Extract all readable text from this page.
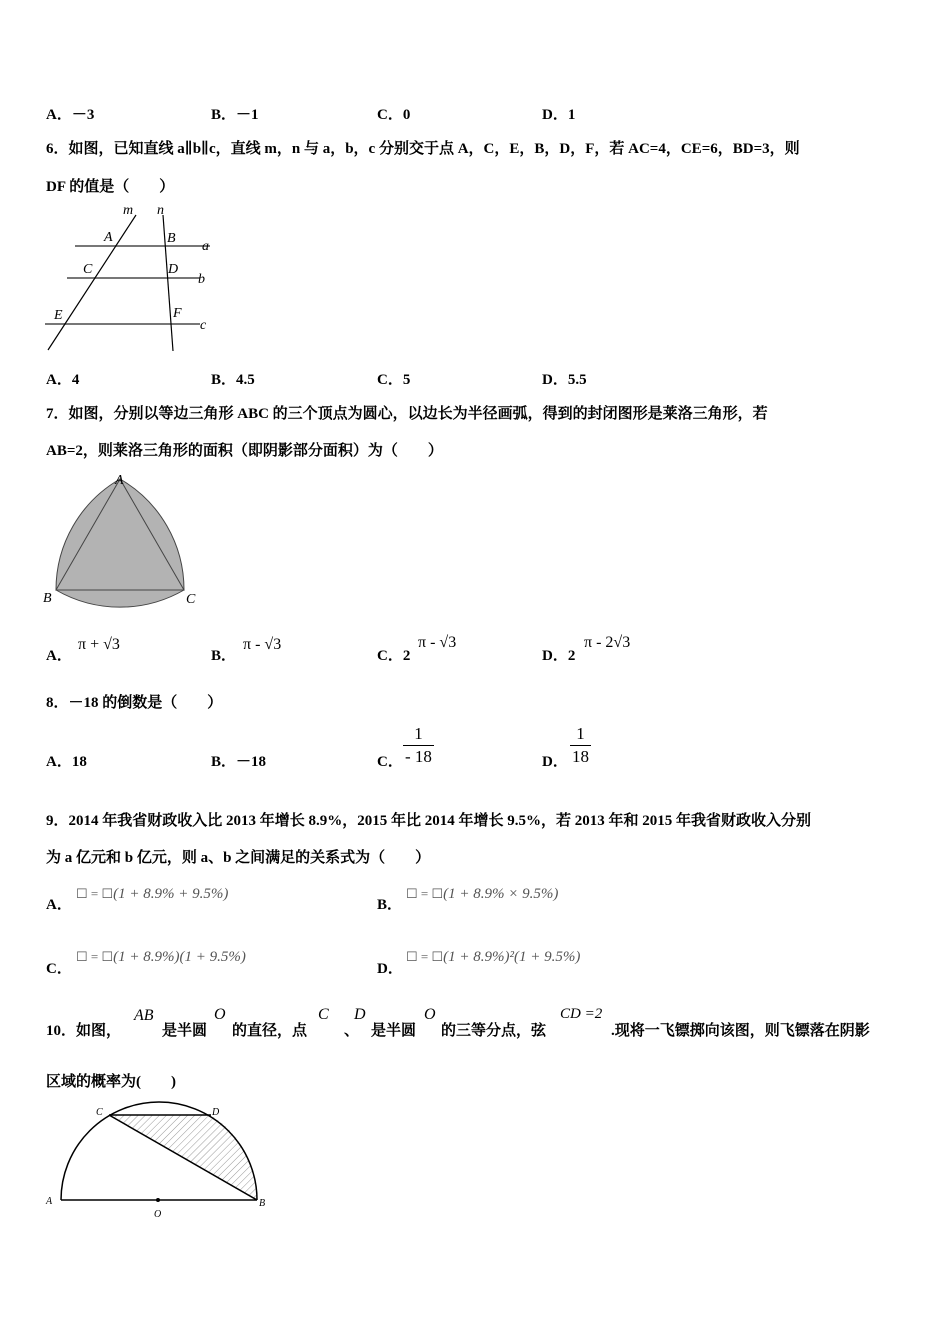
A．－3	B．－1	C．0	D．1
6．如图，已知直线 a∥b∥c，直线 m，n 与 a，b，c 分别交于点 A，C，E，B，D，F，若 AC=4，CE=6，BD=3，则
DF 的值是（　　）
m n
A	B
C	D
E	F
a
b
c
A．4	B．4.5	C．5	D．5.5
7．如图，分别以等边三角形 ABC 的三个顶点为圆心，以边长为半径画弧，得到的封闭图形是莱洛三角形，若
AB=2，则莱洛三角形的面积（即阴影部分面积）为（　　）
A
B	C
A．
π + √3
B．
π - √3
C．2
π - √3
D．2
π - 2√3
8．－18 的倒数是（　　）
A．18	B．－18	C．
1
- 18	D．
1
18
9．2014 年我省财政收入比 2013 年增长 8.9%，2015 年比 2014 年增长 9.5%，若 2013 年和 2015 年我省财政收入分别
为 a 亿元和 b 亿元，则 a、b 之间满足的关系式为（　　）
A．
☐ = ☐(1 + 8.9% + 9.5%)
B．
☐ = ☐(1 + 8.9% × 9.5%)
C．
☐ = ☐(1 + 8.9%)(1 + 9.5%)
D．
☐ = ☐(1 + 8.9%)²(1 + 9.5%)
10．如图，
AB
是半圆
O
的直径，点
C
、
D
是半圆
O
的三等分点，弦
CD =2
.现将一飞镖掷向该图，则飞镖落在阴影
区域的概率为(　　)
A	B
C	D
O
